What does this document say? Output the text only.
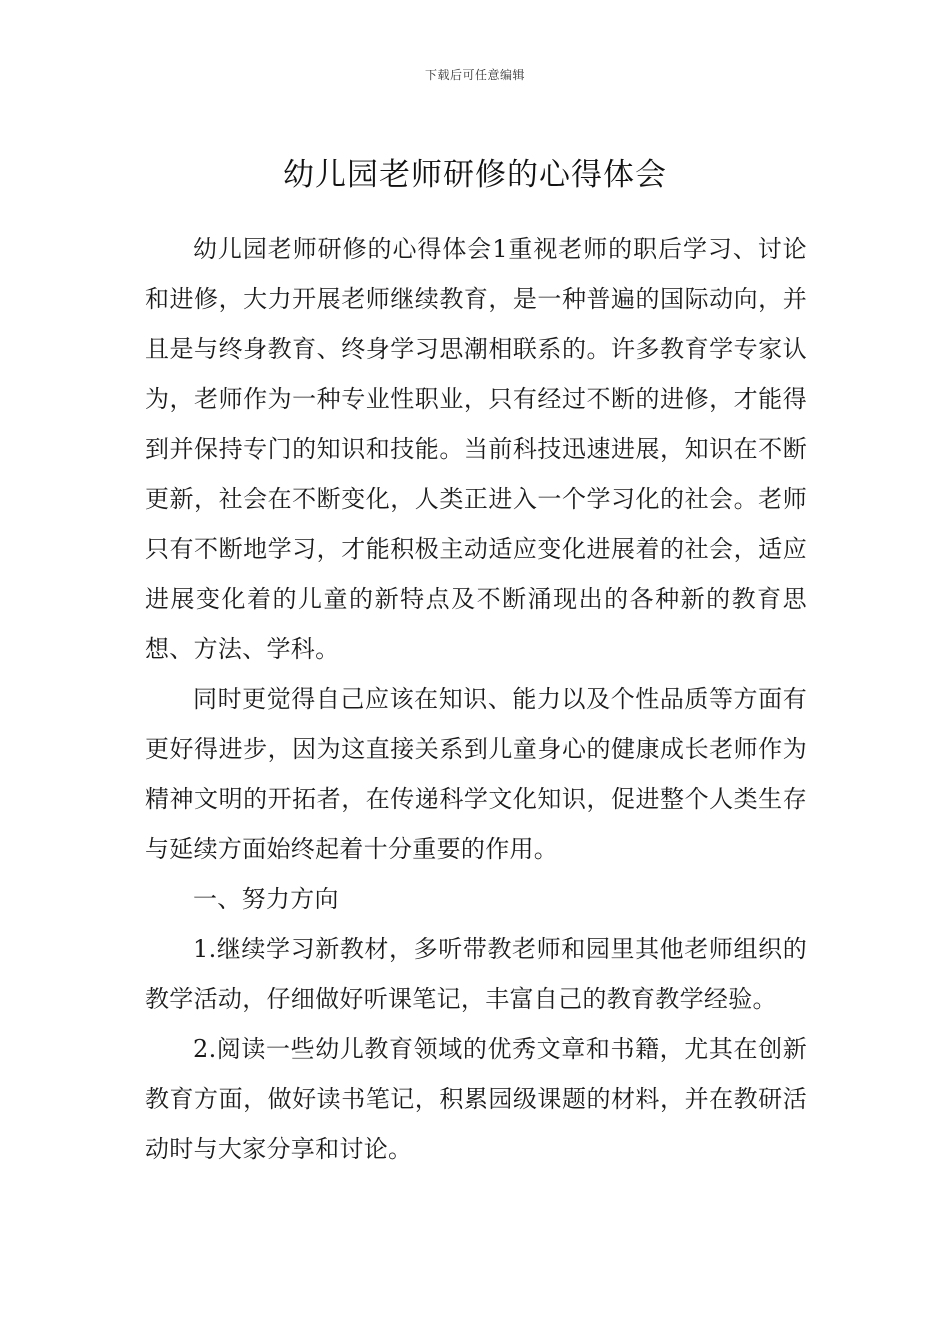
下载后可任意编辑
幼儿园老师研修的心得体会

幼儿园老师研修的心得体会1重视老师的职后学习、讨论和进修，大力开展老师继续教育，是一种普遍的国际动向，并且是与终身教育、终身学习思潮相联系的。许多教育学专家认为，老师作为一种专业性职业，只有经过不断的进修，才能得到并保持专门的知识和技能。当前科技迅速进展，知识在不断更新，社会在不断变化，人类正进入一个学习化的社会。老师只有不断地学习，才能积极主动适应变化进展着的社会，适应进展变化着的儿童的新特点及不断涌现出的各种新的教育思想、方法、学科。

同时更觉得自己应该在知识、能力以及个性品质等方面有更好得进步，因为这直接关系到儿童身心的健康成长老师作为精神文明的开拓者，在传递科学文化知识，促进整个人类生存与延续方面始终起着十分重要的作用。

一、努力方向

1.继续学习新教材，多听带教老师和园里其他老师组织的教学活动，仔细做好听课笔记，丰富自己的教育教学经验。

2.阅读一些幼儿教育领域的优秀文章和书籍，尤其在创新教育方面，做好读书笔记，积累园级课题的材料，并在教研活动时与大家分享和讨论。
